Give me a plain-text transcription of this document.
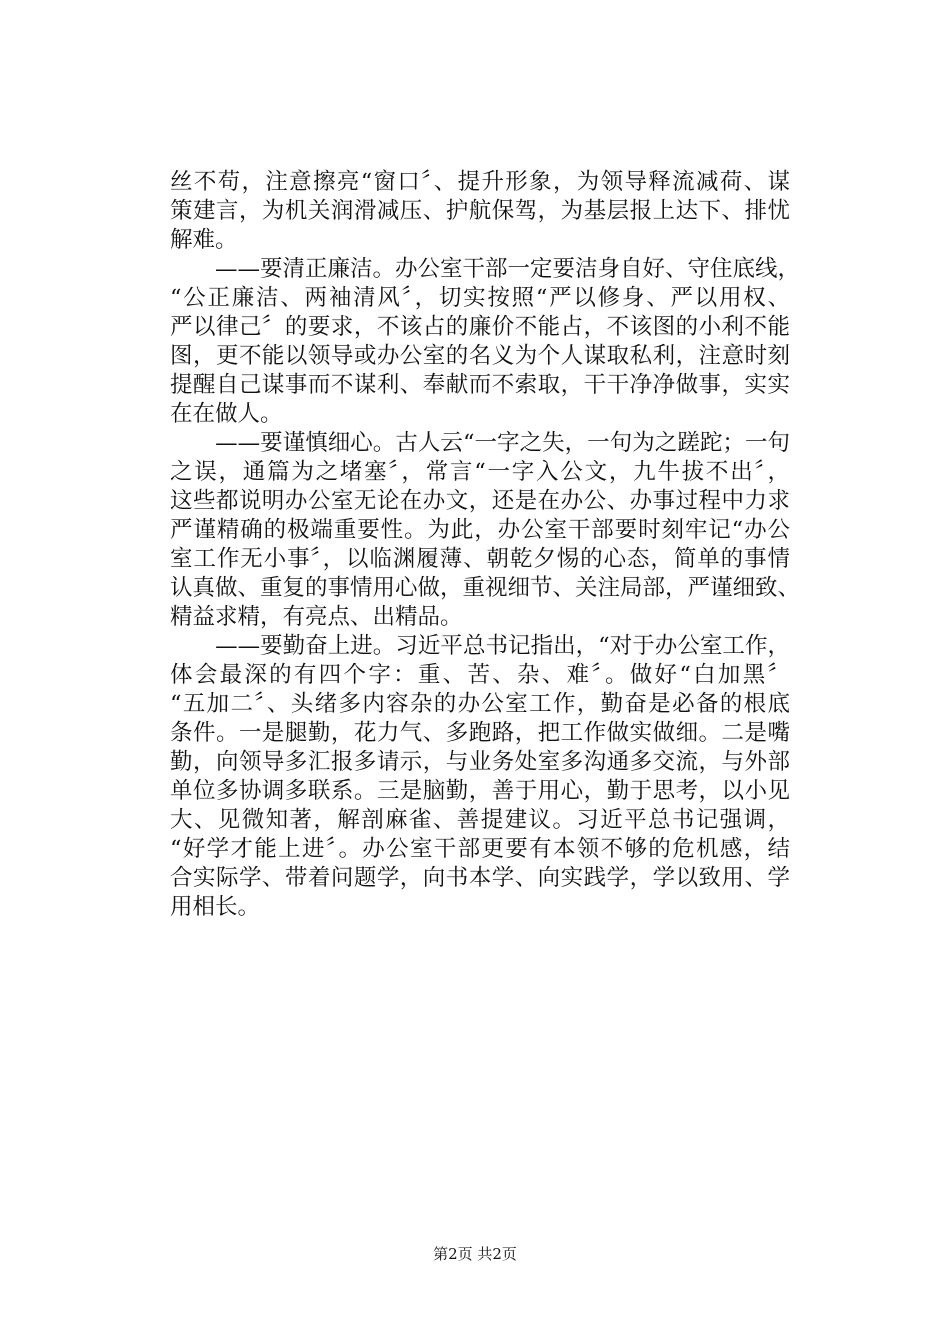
丝不苟，注意擦亮“窗口〞、提升形象，为领导释流减荷、谋
策建言，为机关润滑减压、护航保驾，为基层报上达下、排忧
解难。
　　——要清正廉洁。办公室干部一定要洁身自好、守住底线，
“公正廉洁、两袖清风〞，切实按照“严以修身、严以用权、
严以律己〞的要求，不该占的廉价不能占，不该图的小利不能
图，更不能以领导或办公室的名义为个人谋取私利，注意时刻
提醒自己谋事而不谋利、奉献而不索取，干干净净做事，实实
在在做人。
　　——要谨慎细心。古人云“一字之失，一句为之蹉跎；一句
之误，通篇为之堵塞〞，常言“一字入公文，九牛拔不出〞，
这些都说明办公室无论在办文，还是在办公、办事过程中力求
严谨精确的极端重要性。为此，办公室干部要时刻牢记“办公
室工作无小事〞，以临渊履薄、朝乾夕惕的心态，简单的事情
认真做、重复的事情用心做，重视细节、关注局部，严谨细致、
精益求精，有亮点、出精品。
　　——要勤奋上进。习近平总书记指出，“对于办公室工作，
体会最深的有四个字：重、苦、杂、难〞。做好“白加黑〞
“五加二〞、头绪多内容杂的办公室工作，勤奋是必备的根底
条件。一是腿勤，花力气、多跑路，把工作做实做细。二是嘴
勤，向领导多汇报多请示，与业务处室多沟通多交流，与外部
单位多协调多联系。三是脑勤，善于用心，勤于思考，以小见
大、见微知著，解剖麻雀、善提建议。习近平总书记强调，
“好学才能上进〞。办公室干部更要有本领不够的危机感，结
合实际学、带着问题学，向书本学、向实践学，学以致用、学
用相长。
第2页 共2页
